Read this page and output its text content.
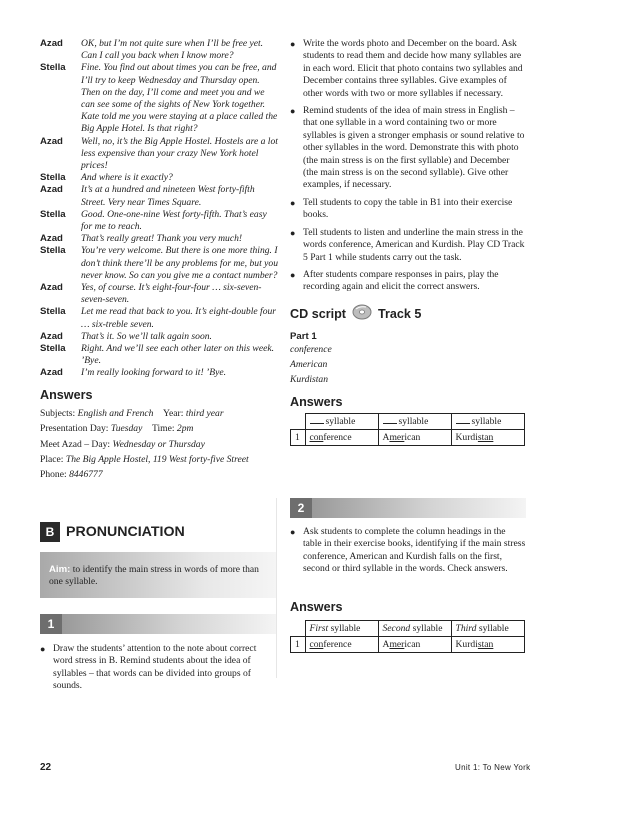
Azad	OK, but I’m not quite sure when I’ll be free yet. Can I call you back when I know more?
Stella	Fine. You find out about times you can be free, and I’ll try to keep Wednesday and Thursday open. Then on the day, I’ll come and meet you and we can see some of the sights of New York together. Kate told me you were staying at a place called the Big Apple Hotel. Is that right?
Azad	Well, no, it’s the Big Apple Hostel. Hostels are a lot less expensive than your crazy New York hotel prices!
Stella	And where is it exactly?
Azad	It’s at a hundred and nineteen West forty-fifth Street. Very near Times Square.
Stella	Good. One-one-nine West forty-fifth. That’s easy for me to reach.
Azad	That’s really great! Thank you very much!
Stella	You’re very welcome. But there is one more thing. I don’t think there’ll be any problems for me, but you never know. So can you give me a contact number?
Azad	Yes, of course. It’s eight-four-four … six-seven-seven-seven.
Stella	Let me read that back to you. It’s eight-double four … six-treble seven.
Azad	That’s it. So we’ll talk again soon.
Stella	Right. And we’ll see each other later on this week. ’Bye.
Azad	I’m really looking forward to it! ’Bye.
Answers
Subjects: English and French Year: third year
Presentation Day: Tuesday Time: 2pm
Meet Azad – Day: Wednesday or Thursday
Place: The Big Apple Hostel, 119 West forty-five Street
Phone: 8446777
B PRONUNCIATION
Aim: to identify the main stress in words of more than one syllable.
1
● Draw the students’ attention to the note about correct word stress in B. Remind students about the idea of syllables – that words can be divided into groups of sounds.
● Write the words photo and December on the board. Ask students to read them and decide how many syllables are in each word. Elicit that photo contains two syllables and December contains three syllables. Give examples of other words with two or more syllables if necessary.
● Remind students of the idea of main stress in English – that one syllable in a word containing two or more syllables is given a stronger emphasis or sound relative to other syllables in the word. Demonstrate this with photo (the main stress is on the first syllable) and December (the main stress is on the second syllable). Give other examples, if necessary.
● Tell students to copy the table in B1 into their exercise books.
● Tell students to listen and underline the main stress in the words conference, American and Kurdish. Play CD Track 5 Part 1 while students carry out the task.
● After students compare responses in pairs, play the recording again and elicit the correct answers.
CD script	Track 5
Part 1
conference
American
Kurdistan
Answers
	syllable	syllable	syllable
1	conference	American	Kurdistan
2
● Ask students to complete the column headings in the table in their exercise books, identifying if the main stress conference, American and Kurdish falls on the first, second or third syllable in the words. Check answers.
Answers
	First syllable	Second syllable	Third syllable
1	conference	American	Kurdistan
22	Unit 1: To New York
